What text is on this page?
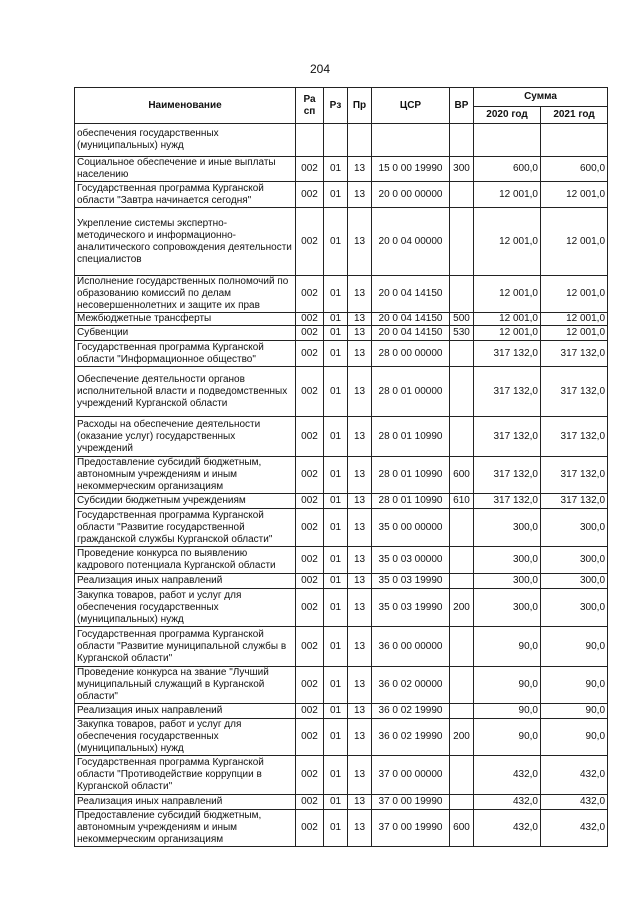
204
Наименование	Ра сп	Рз	Пр	ЦСР	ВР	Сумма	
						2020 год	2021 год
обеспечения государственных (муниципальных) нужд							
Социальное обеспечение и иные выплаты населению	002	01	13	15 0 00 19990	300	600,0	600,0
Государственная программа Курганской области "Завтра начинается сегодня"	002	01	13	20 0 00 00000		12 001,0	12 001,0
Укрепление системы экспертно-методического и информационно-аналитического сопровождения деятельности специалистов	002	01	13	20 0 04 00000		12 001,0	12 001,0
Исполнение государственных полномочий по образованию комиссий по делам несовершеннолетних и защите их прав	002	01	13	20 0 04 14150		12 001,0	12 001,0
Межбюджетные трансферты	002	01	13	20 0 04 14150	500	12 001,0	12 001,0
Субвенции	002	01	13	20 0 04 14150	530	12 001,0	12 001,0
Государственная программа Курганской области "Информационное общество"	002	01	13	28 0 00 00000		317 132,0	317 132,0
Обеспечение деятельности органов исполнительной власти и подведомственных учреждений Курганской области	002	01	13	28 0 01 00000		317 132,0	317 132,0
Расходы на обеспечение деятельности (оказание услуг) государственных учреждений	002	01	13	28 0 01 10990		317 132,0	317 132,0
Предоставление субсидий бюджетным, автономным учреждениям и иным некоммерческим организациям	002	01	13	28 0 01 10990	600	317 132,0	317 132,0
Субсидии бюджетным учреждениям	002	01	13	28 0 01 10990	610	317 132,0	317 132,0
Государственная программа Курганской области "Развитие государственной гражданской службы Курганской области"	002	01	13	35 0 00 00000		300,0	300,0
Проведение конкурса по выявлению кадрового потенциала Курганской области	002	01	13	35 0 03 00000		300,0	300,0
Реализация иных направлений	002	01	13	35 0 03 19990		300,0	300,0
Закупка товаров, работ и услуг для обеспечения государственных (муниципальных) нужд	002	01	13	35 0 03 19990	200	300,0	300,0
Государственная программа Курганской области "Развитие муниципальной службы в Курганской области"	002	01	13	36 0 00 00000		90,0	90,0
Проведение конкурса на звание "Лучший муниципальный служащий в Курганской области"	002	01	13	36 0 02 00000		90,0	90,0
Реализация иных направлений	002	01	13	36 0 02 19990		90,0	90,0
Закупка товаров, работ и услуг для обеспечения государственных (муниципальных) нужд	002	01	13	36 0 02 19990	200	90,0	90,0
Государственная программа Курганской области "Противодействие коррупции в Курганской области"	002	01	13	37 0 00 00000		432,0	432,0
Реализация иных направлений	002	01	13	37 0 00 19990		432,0	432,0
Предоставление субсидий бюджетным, автономным учреждениям и иным некоммерческим организациям	002	01	13	37 0 00 19990	600	432,0	432,0
